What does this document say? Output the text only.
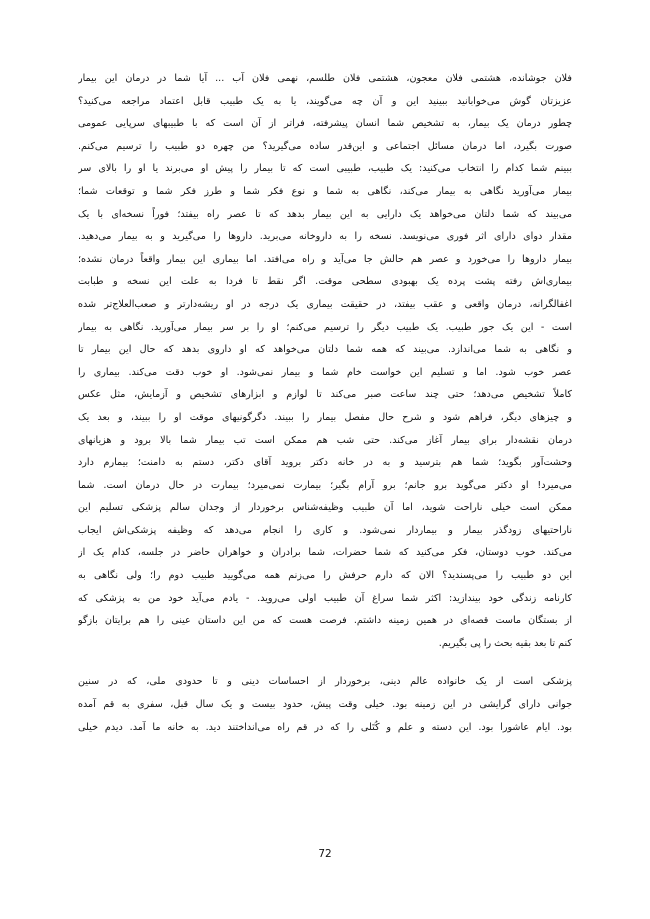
فلان جوشانده، هشتمی فلان معجون، هشتمی فلان طلسم، نهمی فلان آب ... آیا شما در درمان این بیمار
عزیزتان گوش می‌خوابانید ببینید این و آن چه می‌گویند، یا به یک طبیب قابل اعتماد مراجعه می‌کنید؟
چطور درمان یک بیمار، به تشخیص شما انسان پیشرفته، فراتر از آن است که با طبیبهای سرپایی عمومی
صورت بگیرد، اما درمان مسائل اجتماعی و این‌قدر ساده می‌گیرید؟ من چهره دو طبیب را ترسیم می‌کنم.
ببینم شما کدام را انتخاب می‌کنید: یک طبیب، طبیبی است که تا بیمار را پیش او می‌برند یا او را بالای سر
بیمار می‌آورید نگاهی به بیمار می‌کند، نگاهی به شما و نوع فکر شما و طرز فکر شما و توقعات شما؛
می‌بیند که شما دلتان می‌خواهد یک دارایی به این بیمار بدهد که تا عصر راه بیفتد؛ فوراً نسخه‌ای با یک
مقدار دوای دارای اثر فوری می‌نویسد. نسخه را به داروخانه می‌برید. داروها را می‌گیرید و به بیمار می‌دهید.
بیمار داروها را می‌خورد و عصر هم حالش جا می‌آید و راه می‌افتد. اما بیماری این بیمار واقعاً درمان نشده؛
بیماری‌اش رفته پشت پرده یک بهبودی سطحی موقت. اگر نقط تا فردا به علت این نسخه و طبابت
اغفالگرانه، درمان واقعی و عقب بیفتد، در حقیقت بیماری یک درجه در او ریشه‌دارتر و صعب‌العلاج‌تر شده
است - این یک جور طبیب. یک طبیب دیگر را ترسیم می‌کنم؛ او را بر سر بیمار می‌آورید. نگاهی به بیمار
و نگاهی به شما می‌اندازد. می‌بیند که همه شما دلتان می‌خواهد که او داروی بدهد که حال این بیمار تا
عصر خوب شود. اما و تسلیم این خواست خام شما و بیمار نمی‌شود. او خوب دقت می‌کند. بیماری را
کاملاً تشخیص می‌دهد؛ حتی چند ساعت صبر می‌کند تا لوازم و ابزارهای تشخیص و آزمایش، مثل عکس
و چیزهای دیگر، فراهم شود و شرح حال مفصل بیمار را ببیند. دگرگونیهای موقت او را ببیند، و بعد یک
درمان نقشه‌دار برای بیمار آغاز می‌کند. حتی شب هم ممکن است تب بیمار شما بالا برود و هزیانهای
وحشت‌آور بگوید؛ شما هم بترسید و به در خانه دکتر بروید آقای دکتر، دستم به دامنت؛ بیمارم دارد
می‌میرد! او دکتر می‌گوید برو جانم؛ برو آرام بگیر؛ بیمارت نمی‌میرد؛ بیمارت در حال درمان است. شما
ممکن است خیلی ناراحت شوید، اما آن طبیب وظیفه‌شناس برخوردار از وجدان سالم پزشکی تسلیم این
ناراحتیهای زودگذر بیمار و بیماردار نمی‌شود. و کاری را انجام می‌دهد که وظیفه پزشکی‌اش ایجاب
می‌کند. خوب دوستان، فکر می‌کنید که شما حضرات، شما برادران و خواهران حاضر در جلسه، کدام یک از
این دو طبیب را می‌پسندید؟ الان که دارم حرفش را می‌زنم همه می‌گویید طبیب دوم را؛ ولی نگاهی به
کارنامه زندگی خود بیندازید: اکثر شما سراغ آن طبیب اولی می‌روید. - یادم می‌آید خود من به پزشکی که
از بستگان ماست قصه‌ای در همین زمینه داشتم. فرصت هست که من این داستان عینی را هم برایتان بازگو
کنم تا بعد بقیه بحث را پی بگیریم.
پزشکی است از یک خانواده عالم دینی، برخوردار از احساسات دینی و تا حدودی ملی، که در سنین
جوانی دارای گرایشی در این زمینه بود. خیلی وقت پیش، حدود بیست و یک سال قبل، سفری به قم آمده
بود. ایام عاشورا بود. این دسته و علم و کُتَلی را که در قم راه می‌انداختند دید. به خانه ما آمد. دیدم خیلی
72
